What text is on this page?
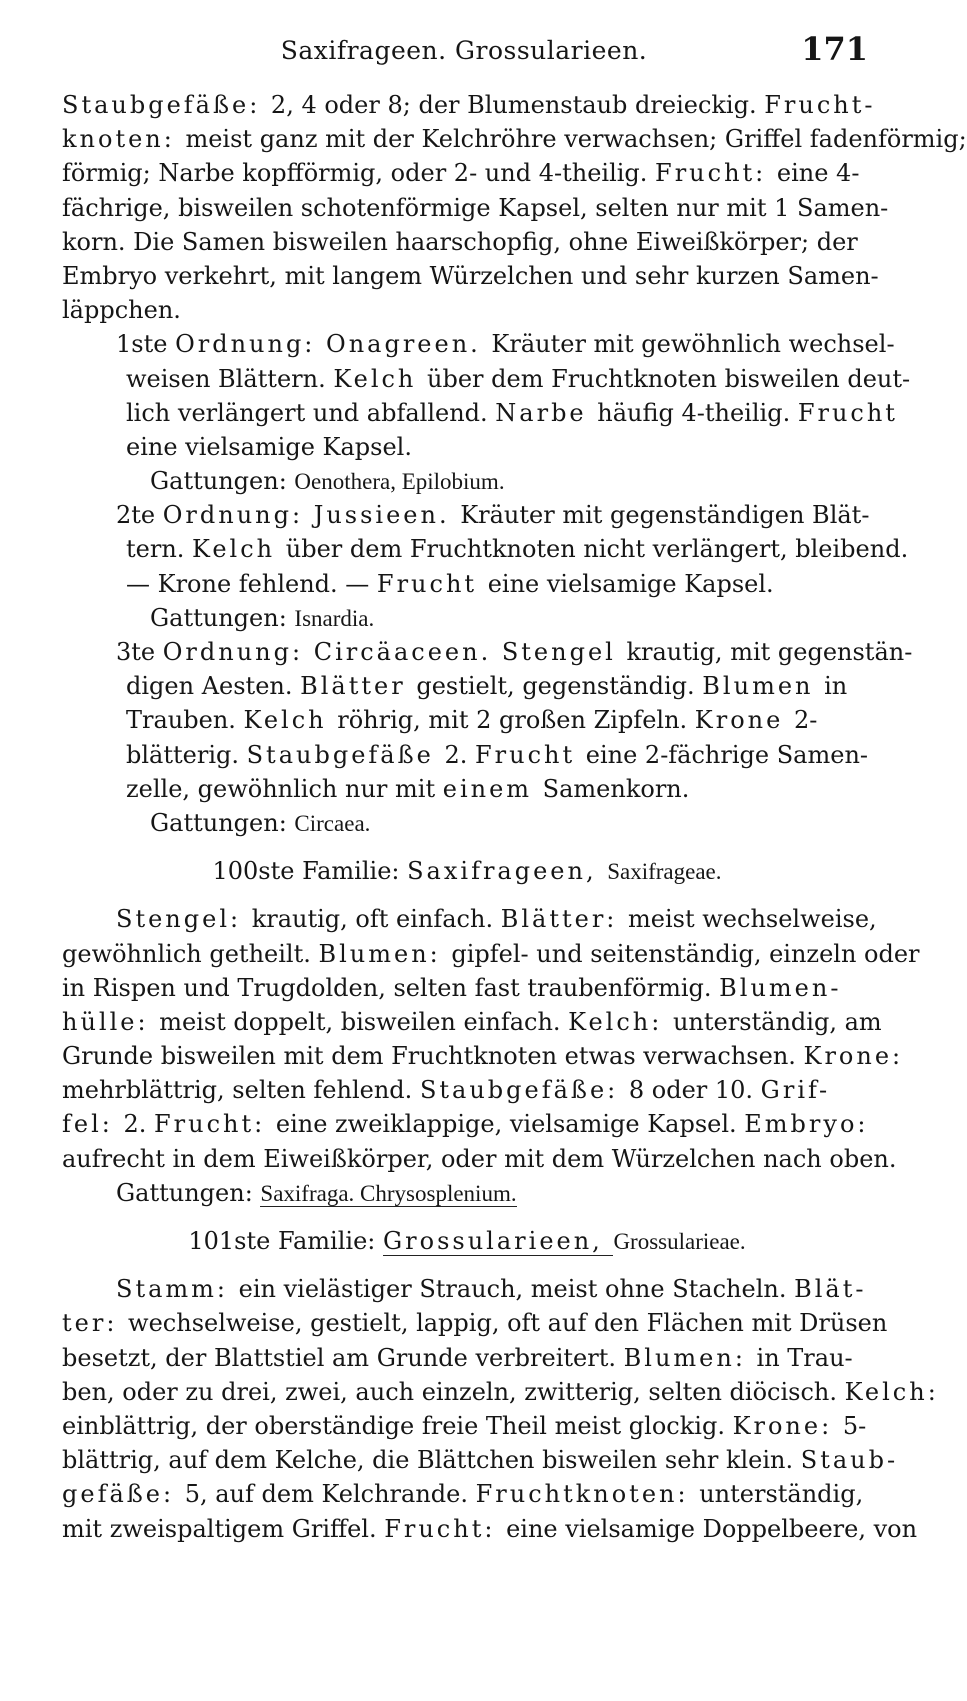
Saxifrageen. Grossularieen.	171
Staubgefäße: 2, 4 oder 8; der Blumenstaub dreieckig. Frucht-
knoten: meist ganz mit der Kelchröhre verwachsen; Griffel fadenförmig;
förmig; Narbe kopfförmig, oder 2- und 4-theilig. Frucht: eine 4-
fächrige, bisweilen schotenförmige Kapsel, selten nur mit 1 Samen-
korn. Die Samen bisweilen haarschopfig, ohne Eiweißkörper; der
Embryo verkehrt, mit langem Würzelchen und sehr kurzen Samen-
läppchen.
1ste Ordnung: Onagreen. Kräuter mit gewöhnlich wechsel-
weisen Blättern. Kelch über dem Fruchtknoten bisweilen deut-
lich verlängert und abfallend. Narbe häufig 4-theilig. Frucht
eine vielsamige Kapsel.
Gattungen: Oenothera, Epilobium.
2te Ordnung: Jussieen. Kräuter mit gegenständigen Blät-
tern. Kelch über dem Fruchtknoten nicht verlängert, bleibend.
— Krone fehlend. — Frucht eine vielsamige Kapsel.
Gattungen: Isnardia.
3te Ordnung: Circäaceen. Stengel krautig, mit gegenstän-
digen Aesten. Blätter gestielt, gegenständig. Blumen in
Trauben. Kelch röhrig, mit 2 großen Zipfeln. Krone 2-
blätterig. Staubgefäße 2. Frucht eine 2-fächrige Samen-
zelle, gewöhnlich nur mit einem Samenkorn.
Gattungen: Circaea.
100ste Familie: Saxifrageen, Saxifrageae.
Stengel: krautig, oft einfach. Blätter: meist wechselweise,
gewöhnlich getheilt. Blumen: gipfel- und seitenständig, einzeln oder
in Rispen und Trugdolden, selten fast traubenförmig. Blumen-
hülle: meist doppelt, bisweilen einfach. Kelch: unterständig, am
Grunde bisweilen mit dem Fruchtknoten etwas verwachsen. Krone:
mehrblättrig, selten fehlend. Staubgefäße: 8 oder 10. Grif-
fel: 2. Frucht: eine zweiklappige, vielsamige Kapsel. Embryo:
aufrecht in dem Eiweißkörper, oder mit dem Würzelchen nach oben.
Gattungen: Saxifraga. Chrysosplenium.
101ste Familie: Grossularieen, Grossularieae.
Stamm: ein vielästiger Strauch, meist ohne Stacheln. Blät-
ter: wechselweise, gestielt, lappig, oft auf den Flächen mit Drüsen
besetzt, der Blattstiel am Grunde verbreitert. Blumen: in Trau-
ben, oder zu drei, zwei, auch einzeln, zwitterig, selten diöcisch. Kelch:
einblättrig, der oberständige freie Theil meist glockig. Krone: 5-
blättrig, auf dem Kelche, die Blättchen bisweilen sehr klein. Staub-
gefäße: 5, auf dem Kelchrande. Fruchtknoten: unterständig,
mit zweispaltigem Griffel. Frucht: eine vielsamige Doppelbeere, von
